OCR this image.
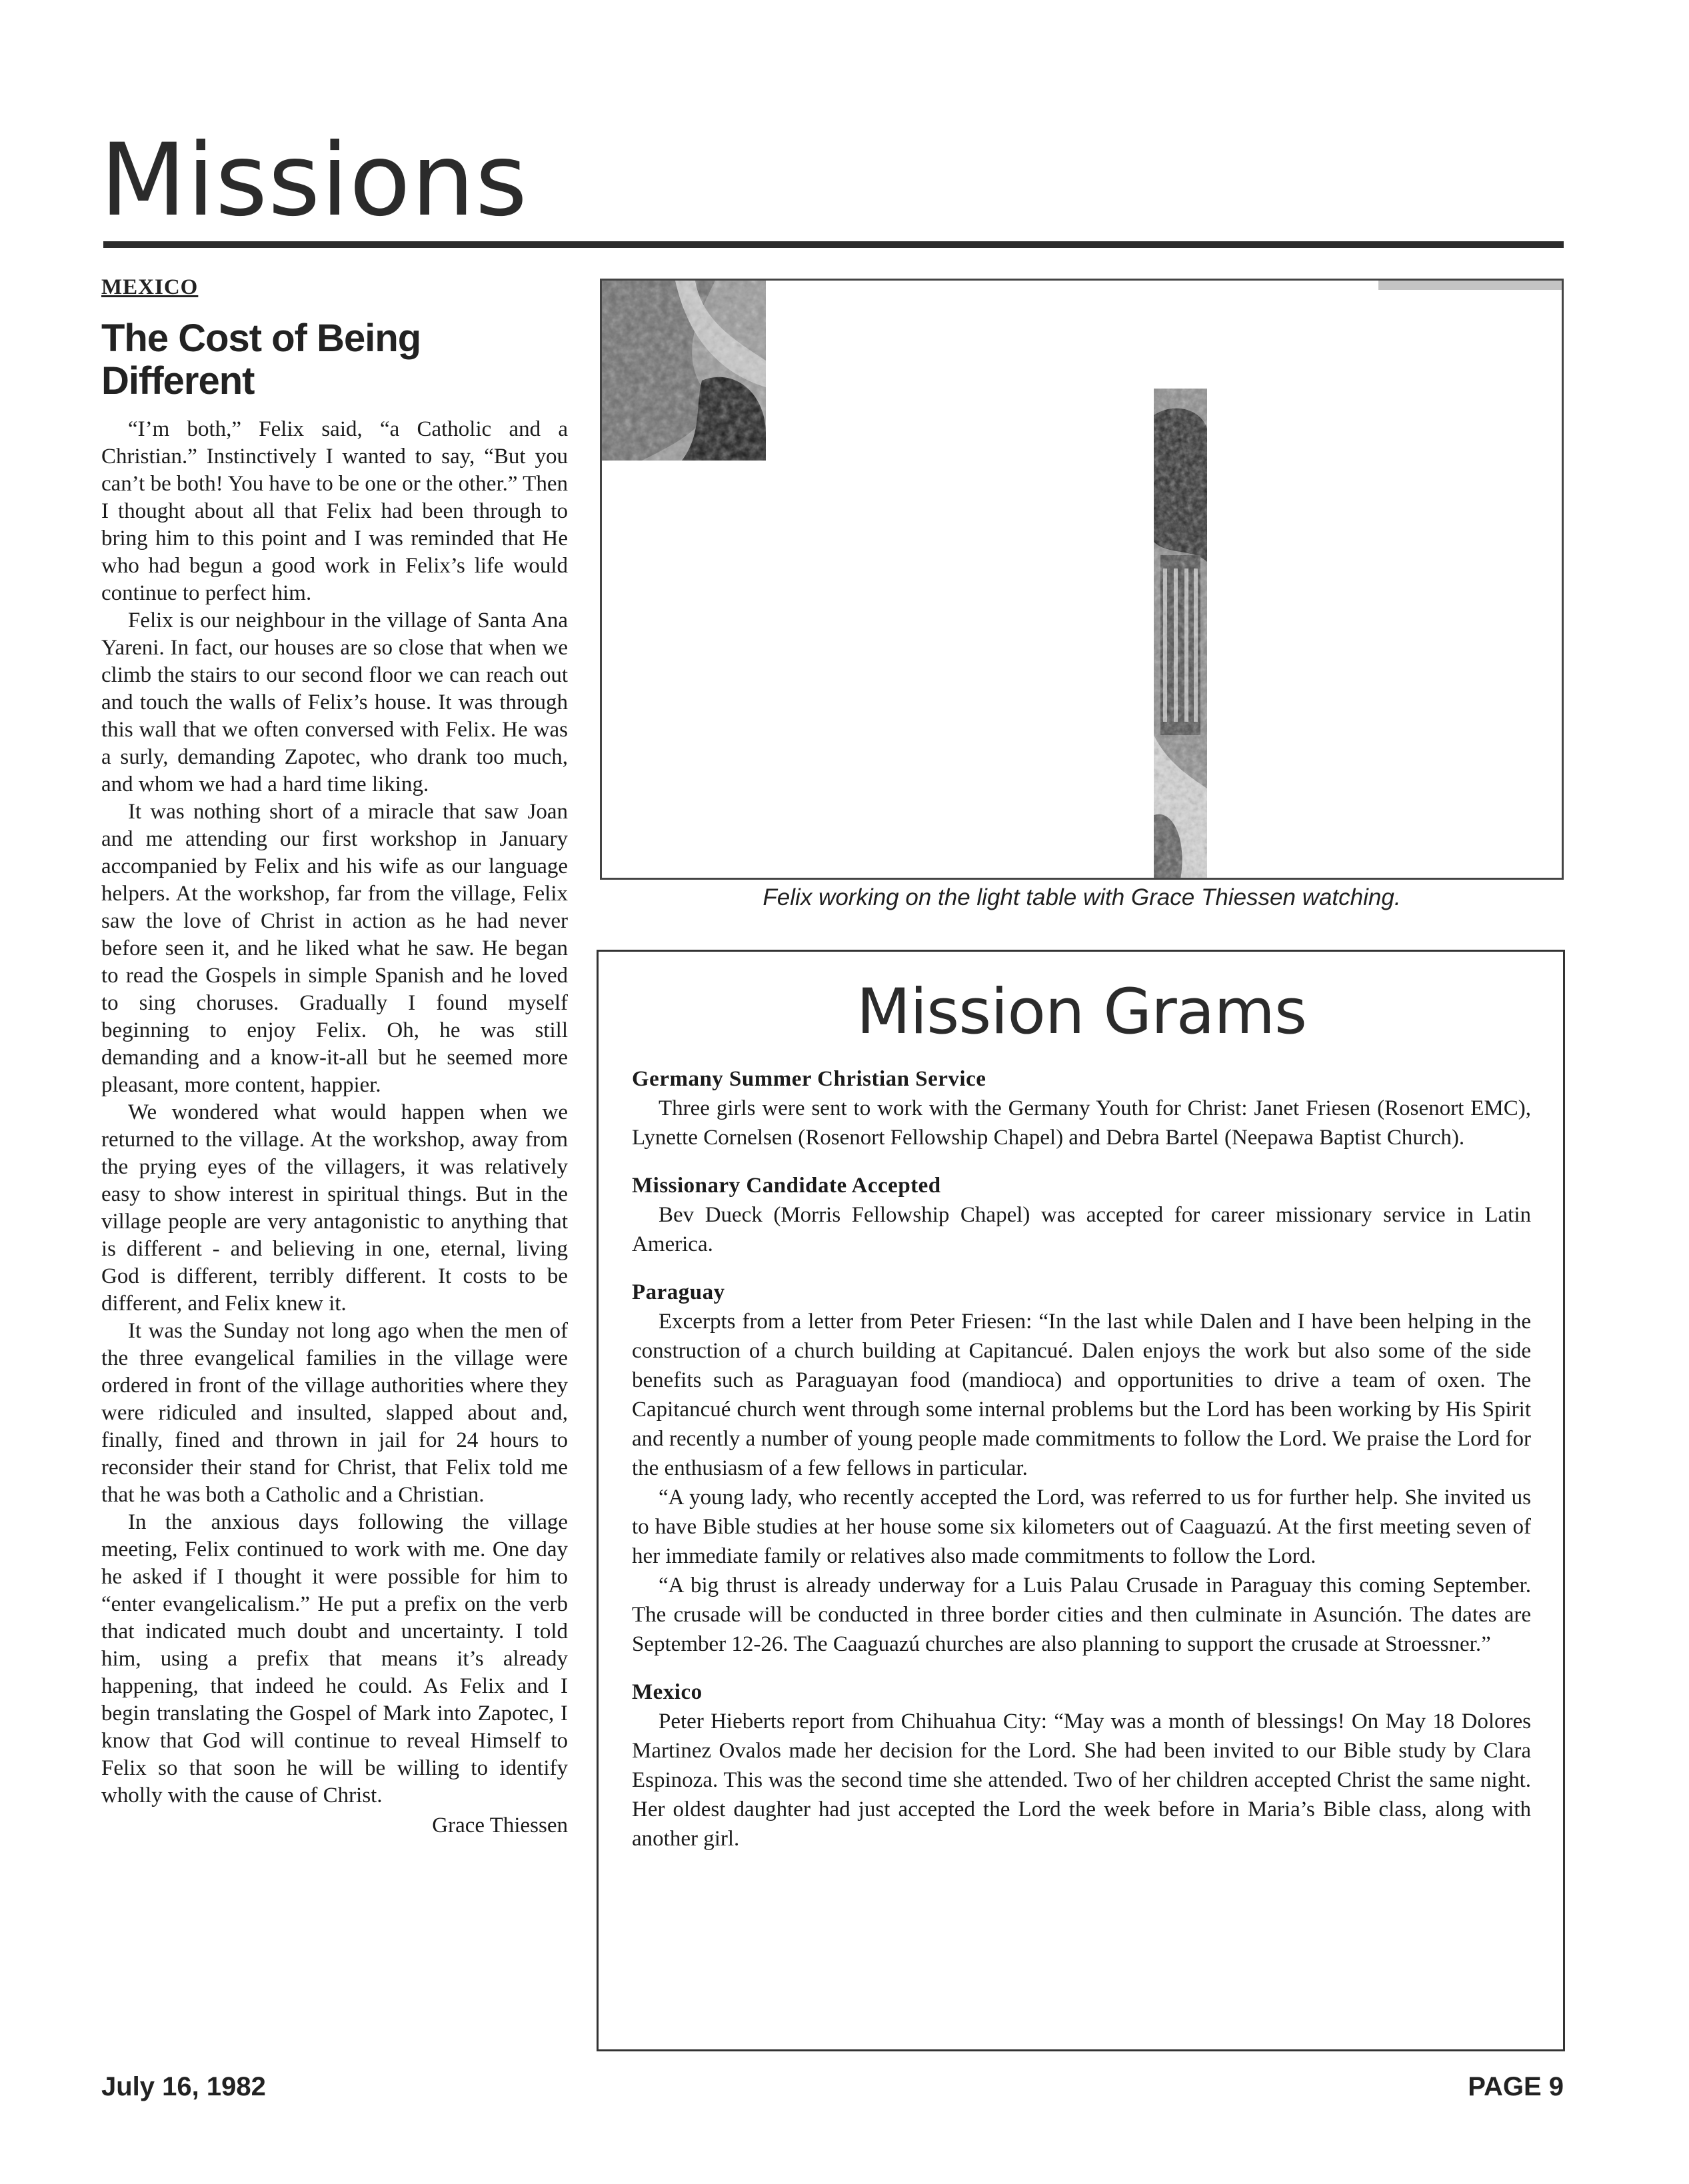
Missions
MEXICO
The Cost of Being Different

“I’m both,” Felix said, “a Catholic and a Christian.” Instinctively I wanted to say, “But you can’t be both! You have to be one or the other.” Then I thought about all that Felix had been through to bring him to this point and I was reminded that He who had begun a good work in Felix’s life would continue to perfect him.

Felix is our neighbour in the village of Santa Ana Yareni. In fact, our houses are so close that when we climb the stairs to our second floor we can reach out and touch the walls of Felix’s house. It was through this wall that we often conversed with Felix. He was a surly, demanding Zapotec, who drank too much, and whom we had a hard time liking.

It was nothing short of a miracle that saw Joan and me attending our first workshop in January accompanied by Felix and his wife as our language helpers. At the workshop, far from the village, Felix saw the love of Christ in action as he had never before seen it, and he liked what he saw. He began to read the Gospels in simple Spanish and he loved to sing choruses. Gradually I found myself beginning to enjoy Felix. Oh, he was still demanding and a know-it-all but he seemed more pleasant, more content, happier.

We wondered what would happen when we returned to the village. At the workshop, away from the prying eyes of the villagers, it was relatively easy to show interest in spiritual things. But in the village people are very antagonistic to anything that is different - and believing in one, eternal, living God is different, terribly different. It costs to be different, and Felix knew it.

It was the Sunday not long ago when the men of the three evangelical families in the village were ordered in front of the village authorities where they were ridiculed and insulted, slapped about and, finally, fined and thrown in jail for 24 hours to reconsider their stand for Christ, that Felix told me that he was both a Catholic and a Christian.

In the anxious days following the village meeting, Felix continued to work with me. One day he asked if I thought it were possible for him to “enter evangelicalism.” He put a prefix on the verb that indicated much doubt and uncertainty. I told him, using a prefix that means it’s already happening, that indeed he could. As Felix and I begin translating the Gospel of Mark into Zapotec, I know that God will continue to reveal Himself to Felix so that soon he will be willing to identify wholly with the cause of Christ.

Grace Thiessen
Felix working on the light table with Grace Thiessen watching.
Mission Grams
Germany Summer Christian Service

Three girls were sent to work with the Germany Youth for Christ: Janet Friesen (Rosenort EMC), Lynette Cornelsen (Rosenort Fellowship Chapel) and Debra Bartel (Neepawa Baptist Church).

Missionary Candidate Accepted

Bev Dueck (Morris Fellowship Chapel) was accepted for career missionary service in Latin America.

Paraguay

Excerpts from a letter from Peter Friesen: “In the last while Dalen and I have been helping in the construction of a church building at Capitancué. Dalen enjoys the work but also some of the side benefits such as Paraguayan food (mandioca) and opportunities to drive a team of oxen. The Capitancué church went through some internal problems but the Lord has been working by His Spirit and recently a number of young people made commitments to follow the Lord. We praise the Lord for the enthusiasm of a few fellows in particular.

“A young lady, who recently accepted the Lord, was referred to us for further help. She invited us to have Bible studies at her house some six kilometers out of Caaguazú. At the first meeting seven of her immediate family or relatives also made commitments to follow the Lord.

“A big thrust is already underway for a Luis Palau Crusade in Paraguay this coming September. The crusade will be conducted in three border cities and then culminate in Asunción. The dates are September 12-26. The Caaguazú churches are also planning to support the crusade at Stroessner.”

Mexico

Peter Hieberts report from Chihuahua City: “May was a month of blessings! On May 18 Dolores Martinez Ovalos made her decision for the Lord. She had been invited to our Bible study by Clara Espinoza. This was the second time she attended. Two of her children accepted Christ the same night. Her oldest daughter had just accepted the Lord the week before in Maria’s Bible class, along with another girl.

July 16, 1982	PAGE 9
